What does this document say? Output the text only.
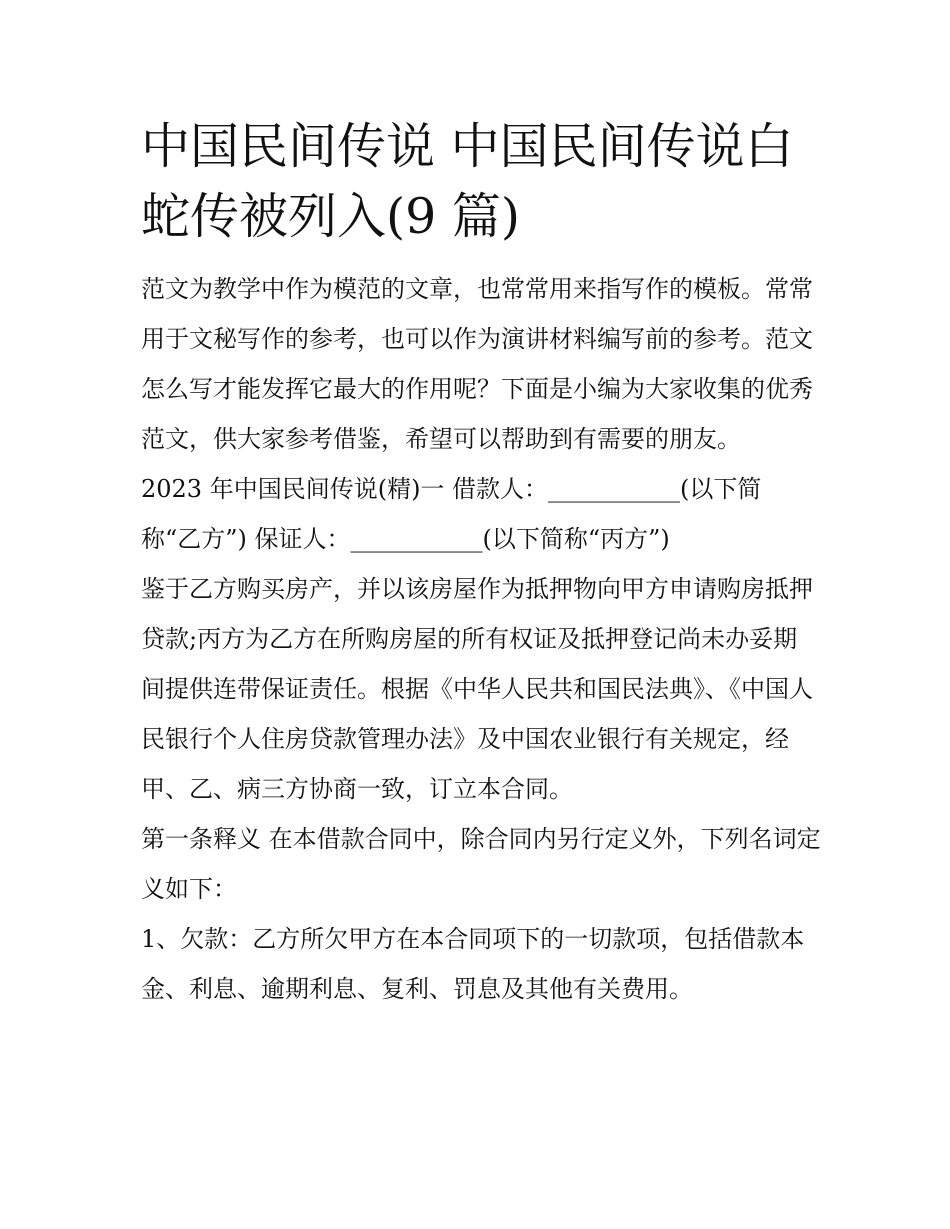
中国民间传说 中国民间传说白蛇传被列入(9 篇)

范文为教学中作为模范的文章，也常常用来指写作的模板。常常用于文秘写作的参考，也可以作为演讲材料编写前的参考。范文怎么写才能发挥它最大的作用呢？下面是小编为大家收集的优秀范文，供大家参考借鉴，希望可以帮助到有需要的朋友。

2023 年中国民间传说(精)一 借款人：___________(以下简称“乙方”) 保证人：___________(以下简称“丙方”)

鉴于乙方购买房产，并以该房屋作为抵押物向甲方申请购房抵押贷款;丙方为乙方在所购房屋的所有权证及抵押登记尚未办妥期间提供连带保证责任。根据《中华人民共和国民法典》、《中国人民银行个人住房贷款管理办法》及中国农业银行有关规定，经甲、乙、病三方协商一致，订立本合同。

第一条释义 在本借款合同中，除合同内另行定义外，下列名词定义如下：

1、欠款：乙方所欠甲方在本合同项下的一切款项，包括借款本金、利息、逾期利息、复利、罚息及其他有关费用。
